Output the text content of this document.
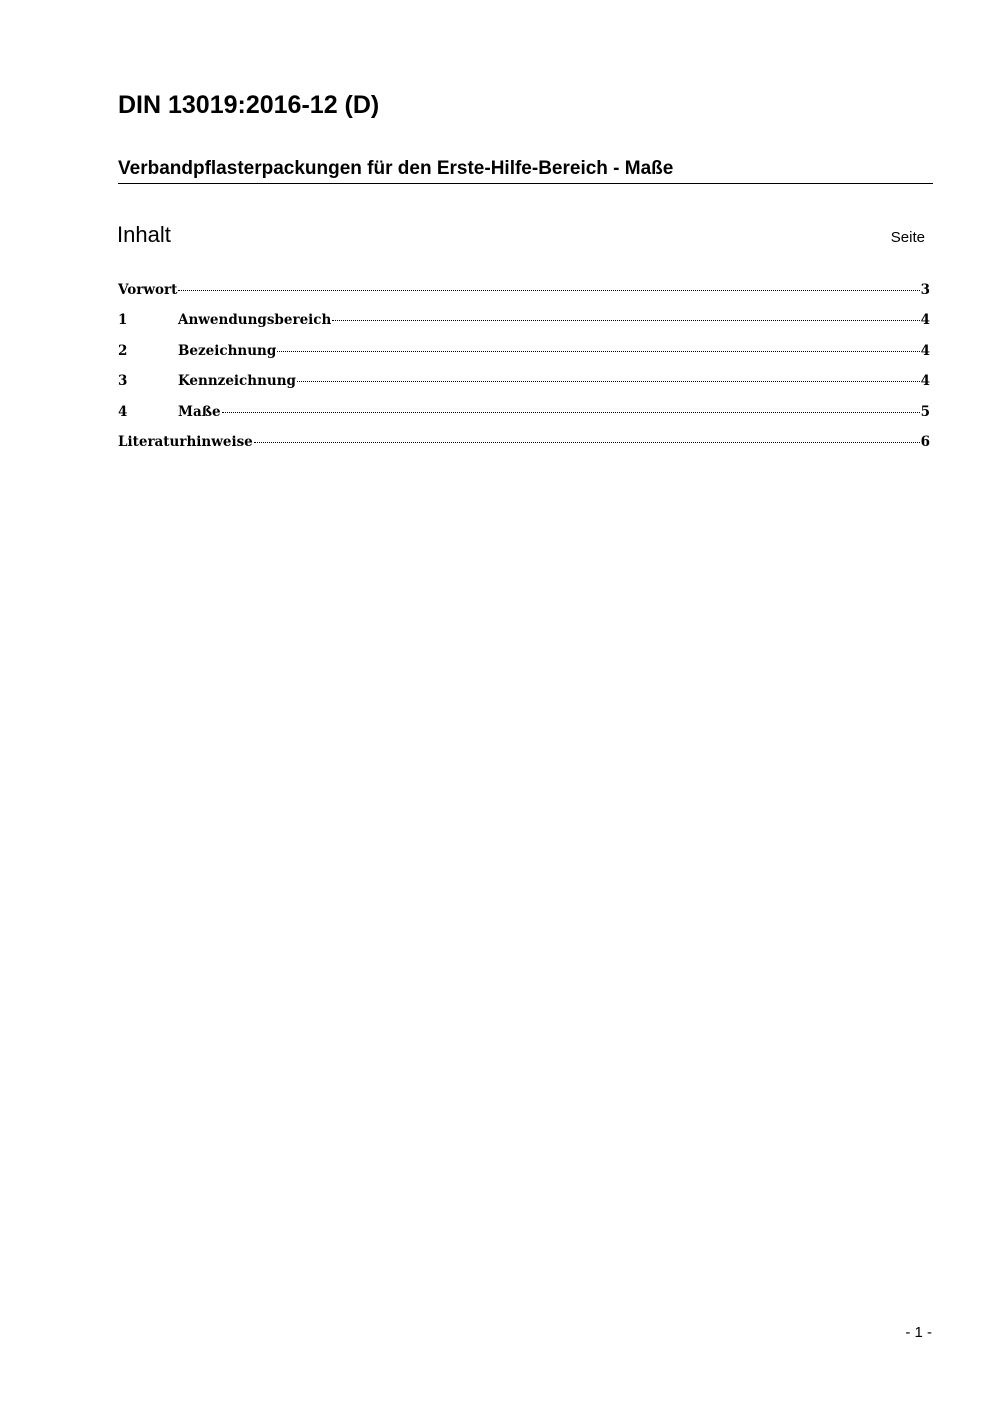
DIN 13019:2016-12 (D)
Verbandpflasterpackungen für den Erste-Hilfe-Bereich - Maße
Inhalt	Seite
Vorwort	3
1	Anwendungsbereich	4
2	Bezeichnung	4
3	Kennzeichnung	4
4	Maße	5
Literaturhinweise	6
- 1 -
